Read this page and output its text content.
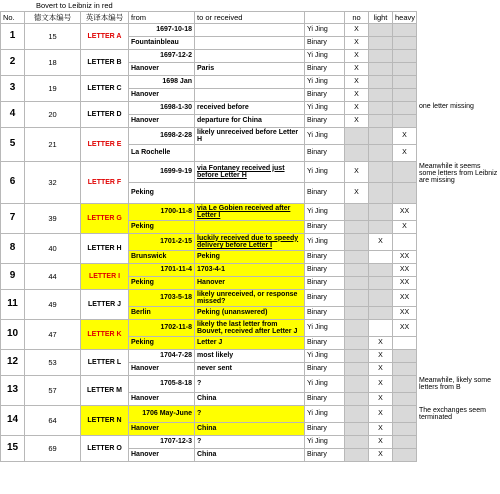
Bovert to Leibniz in red
No.	德文本编号	英译本编号	from	to or received		no	light	heavy	
1	15	LETTER A	1697-10-18		Yi Jing	X			
			Fountainbleau		Binary	X			
2	18	LETTER B	1697-12-2		Yi Jing	X			
			Hanover	Paris	Binary	X			
3	19	LETTER C	1698 Jan		Yi Jing	X			
			Hanover		Binary	X			
4	20	LETTER D	1698-1-30	received before	Yi Jing	X			one letter missing
			Hanover	departure for China	Binary	X			
5	21	LETTER E	1698-2-28	likely unreceived before Letter H	Yi Jing			X	
			La Rochelle		Binary			X	
6	32	LETTER F	1699-9-19	via Fontaney received just before Letter H	Yi Jing	X			Meanwhile it seems some letters from Leibniz are missing
			Peking		Binary	X			
7	39	LETTER G	1700-11-8	via Le Gobien received after Letter I	Yi Jing			XX	
			Peking		Binary			X	
8	40	LETTER H	1701-2-15	luckily received due to speedy delivery before Letter I	Yi Jing		X		
			Brunswick	Peking	Binary			XX	
9	44	LETTER I	1701-11-4	1703-4-1	Binary			XX	
			Peking	Hanover	Binary			XX	
11	49	LETTER J	1703-5-18	likely unreceived, or response missed?	Binary			XX	
			Berlin	Peking (unanswered)	Binary			XX	
10	47	LETTER K	1702-11-8	likely the last letter from Bouvet, received after Letter J	Yi Jing			XX	
			Peking	Letter J	Binary		X		
12	53	LETTER L	1704-7-28	most likely	Yi Jing		X		
			Hanover	never sent	Binary		X		
13	57	LETTER M	1705-8-18	?	Yi Jing		X		Meanwhile, likely some letters from B
			Hanover	China	Binary		X		
14	64	LETTER N	1706 May-June	?	Yi Jing		X		The exchanges seem terminated
			Hanover	China	Binary		X		
15	69	LETTER O	1707-12-3	?	Yi Jing		X		
			Hanover	China	Binary		X		
